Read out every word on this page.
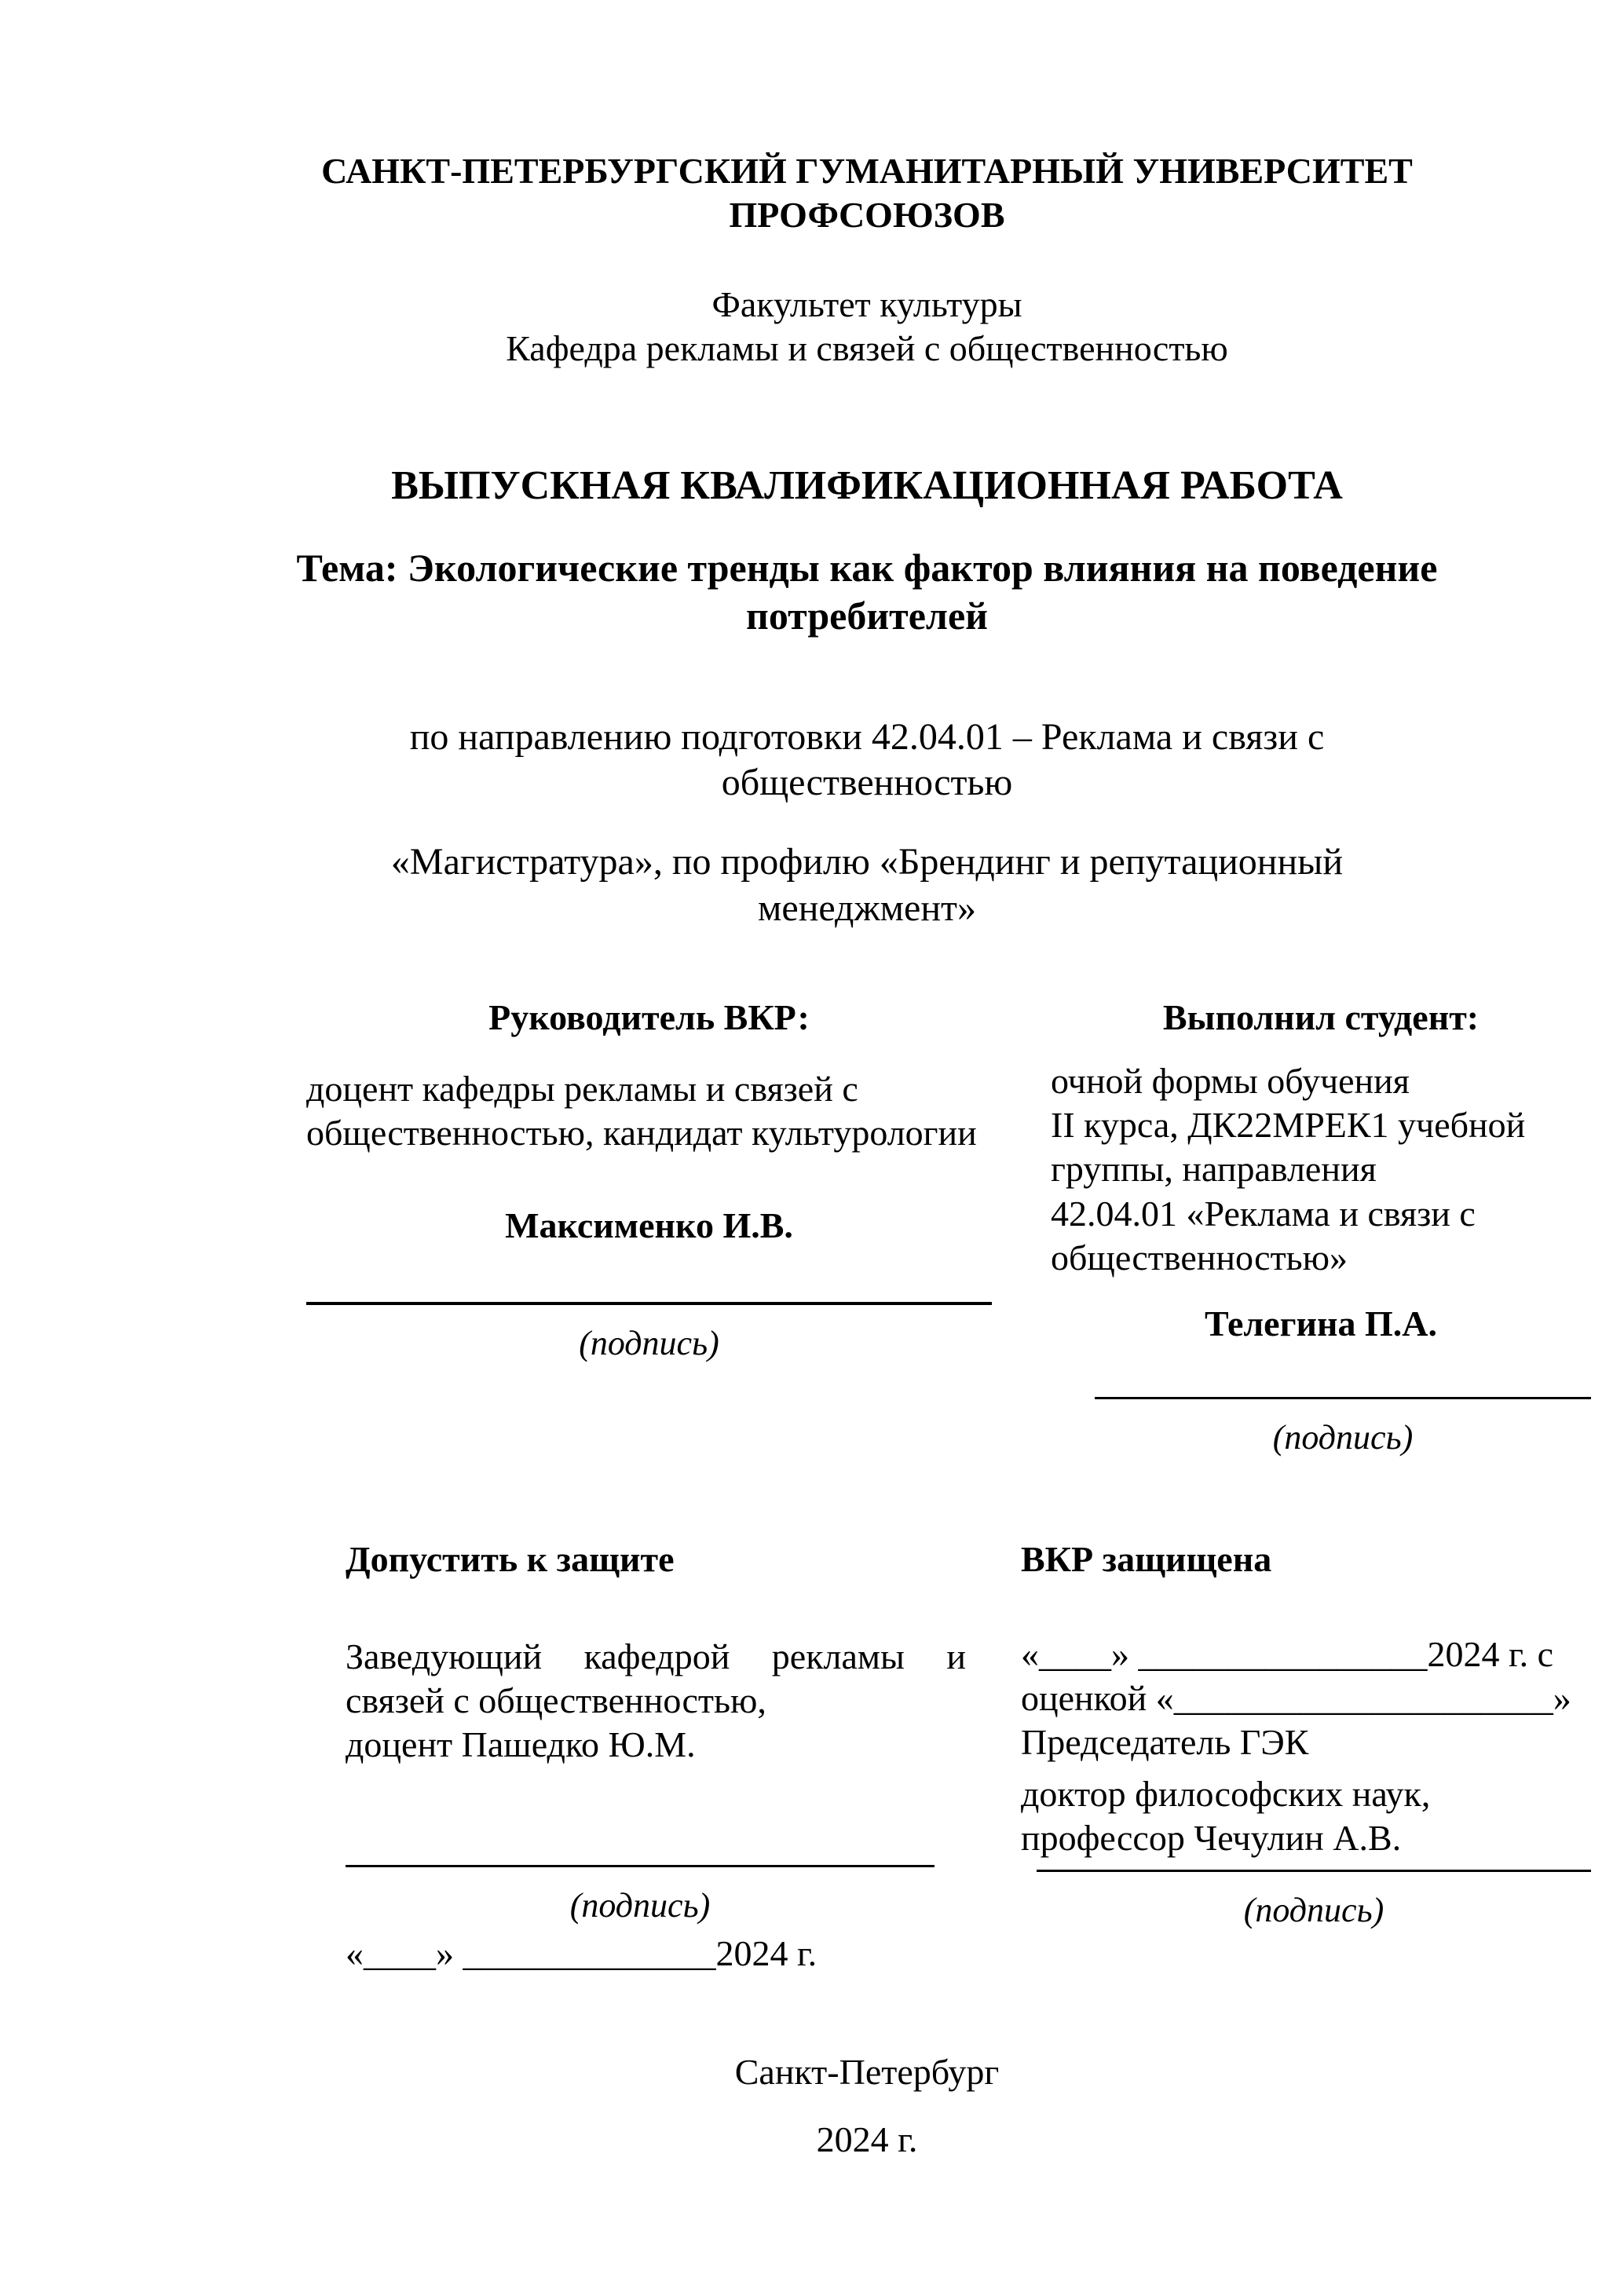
САНКТ-ПЕТЕРБУРГСКИЙ ГУМАНИТАРНЫЙ УНИВЕРСИТЕТ ПРОФСОЮЗОВ
Факультет культуры
Кафедра рекламы и связей с общественностью
ВЫПУСКНАЯ КВАЛИФИКАЦИОННАЯ РАБОТА
Тема: Экологические тренды как фактор влияния на поведение потребителей
по направлению подготовки 42.04.01 – Реклама и связи с общественностью
«Магистратура», по профилю «Брендинг и репутационный менеджмент»
Руководитель ВКР:
доцент кафедры рекламы и связей с
общественностью, кандидат культурологии
Максименко И.В.
(подпись)
Выполнил студент:
очной формы обучения
II курса, ДК22МРЕК1 учебной
группы, направления
42.04.01 «Реклама и связи с
общественностью»
Телегина П.А.
(подпись)
Допустить к защите
Заведующий кафедрой рекламы и связей с общественностью,
доцент Пашедко Ю.М.
(подпись)
«____» ______________2024 г.
ВКР защищена
«____» ________________2024 г. с
оценкой «_____________________»
Председатель ГЭК
доктор философских наук, профессор Чечулин А.В.
(подпись)
Санкт-Петербург
2024 г.
